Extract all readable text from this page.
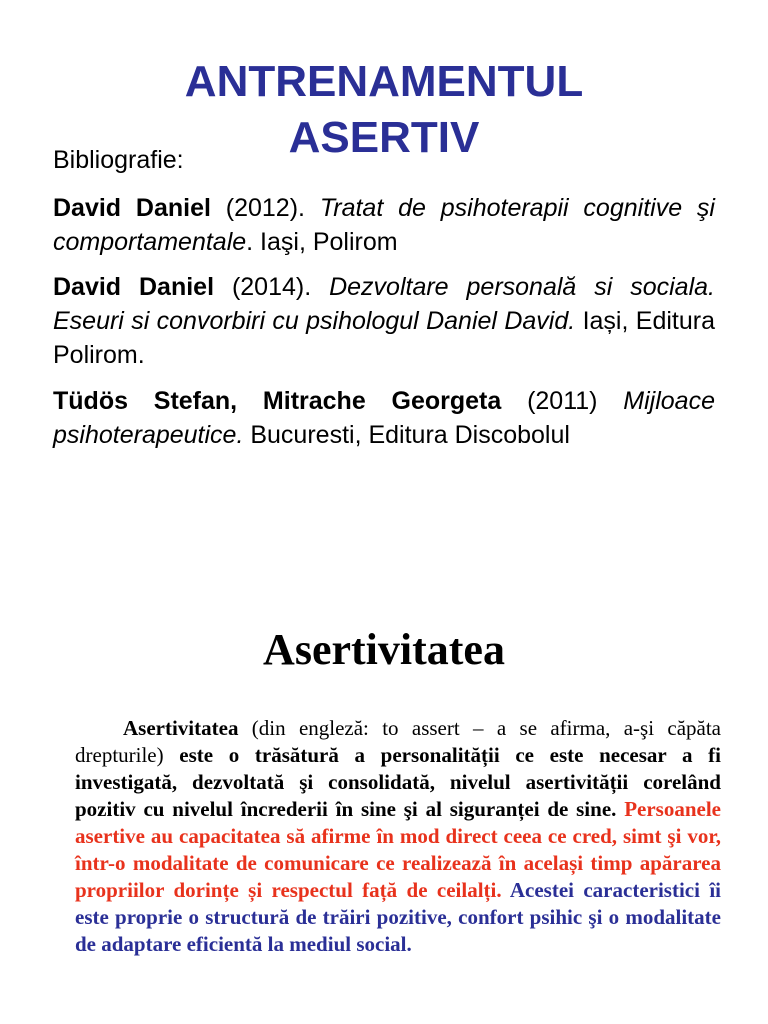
ANTRENAMENTUL
ASERTIV
Bibliografie:
David Daniel (2012). Tratat de psihoterapii cognitive şi comportamentale. Iaşi, Polirom
David Daniel (2014). Dezvoltare personală si sociala. Eseuri si convorbiri cu psihologul Daniel David. Iași, Editura Polirom.
Tüdös Stefan, Mitrache Georgeta (2011) Mijloace psihoterapeutice. Bucuresti, Editura Discobolul
Asertivitatea
Asertivitatea (din engleză: to assert – a se afirma, a-şi căpăta drepturile) este o trăsătură a personalității ce este necesar a fi investigată, dezvoltată şi consolidată, nivelul asertivității corelând pozitiv cu nivelul încrederii în sine şi al siguranței de sine. Persoanele asertive au capacitatea să afirme în mod direct ceea ce cred, simt şi vor, într-o modalitate de comunicare ce realizează în același timp apărarea propriilor dorințe și respectul față de ceilalți. Acestei caracteristici îi este proprie o structură de trăiri pozitive, confort psihic şi o modalitate de adaptare eficientă la mediul social.
